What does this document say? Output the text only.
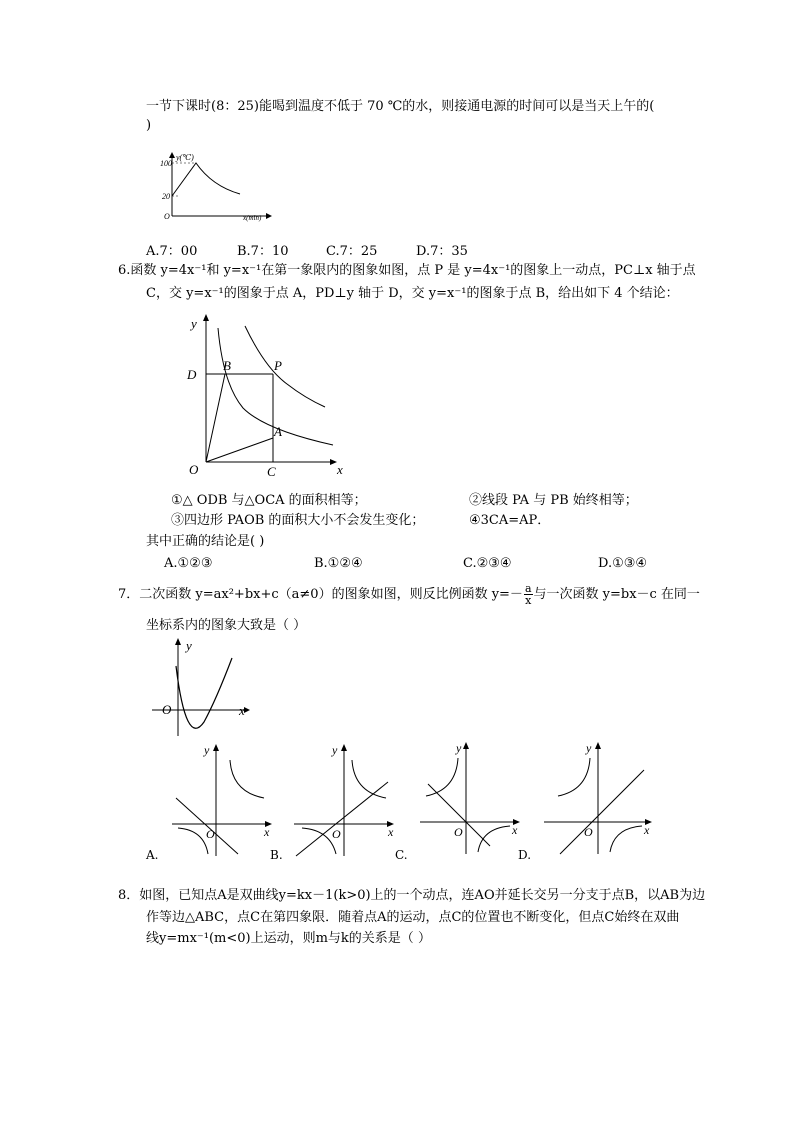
一节下课时(8：25)能喝到温度不低于 70 ℃的水，则接通电源的时间可以是当天上午的(
)
y(℃)
x(min)
100
20
O
A.7：00	B.7：10	C.7：25	D.7：35
6.函数 y=4x⁻¹和 y=x⁻¹在第一象限内的图象如图，点 P 是 y=4x⁻¹的图象上一动点，PC⊥x 轴于点
C，交 y=x⁻¹的图象于点 A，PD⊥y 轴于 D，交 y=x⁻¹的图象于点 B，给出如下 4 个结论：
y
x
O
D
B	P
A
C
①△ ODB 与△OCA 的面积相等；	②线段 PA 与 PB 始终相等；
③四边形 PAOB 的面积大小不会发生变化；	④3CA=AP．
其中正确的结论是( )
A.①②③	B.①②④	C.②③④	D.①③④
7．二次函数 y=ax²+bx+c（a≠0）的图象如图，则反比例函数 $y=- \frac{a}{x}$ 与一次函数 y=bx－c 在同一
坐标系内的图象大致是（ ）
y
x
O
y
x
O
A.
y
x
O
B.
y
x
O
C.
y
x
O
D.
8．如图，已知点A是双曲线y=kx－1(k>0)上的一个动点，连AO并延长交另一分支于点B，以AB为边
作等边△ABC，点C在第四象限．随着点A的运动，点C的位置也不断变化，但点C始终在双曲
线y=mx⁻¹(m<0)上运动，则m与k的关系是（ ）
